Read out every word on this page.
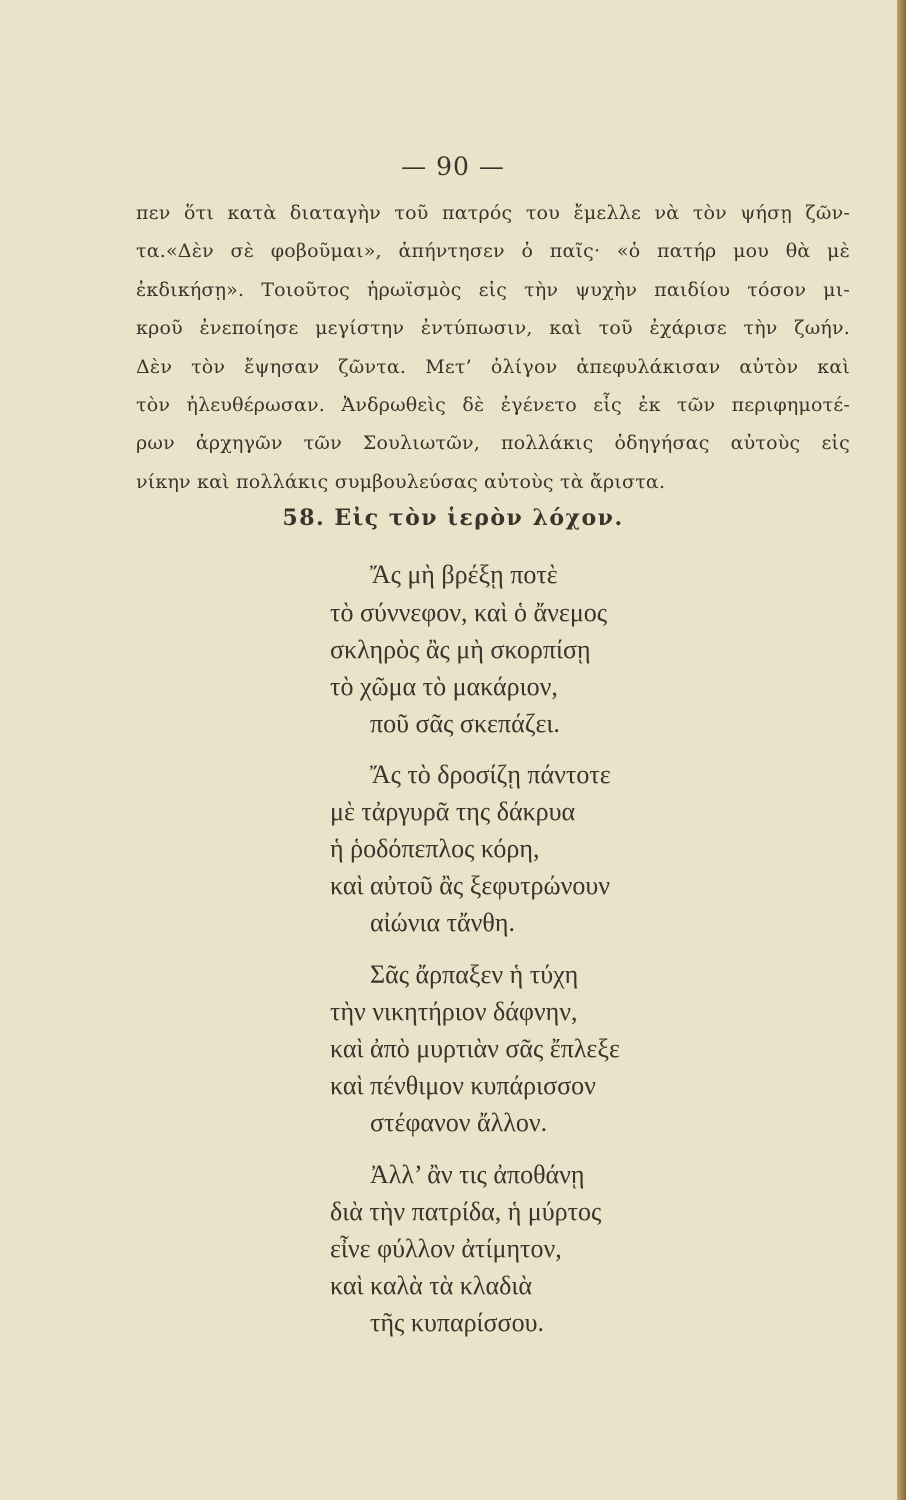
— 90 —
πεν ὅτι κατὰ διαταγὴν τοῦ πατρός του ἔμελλε νὰ τὸν ψήσῃ ζῶν-
τα.«Δὲν σὲ φοβοῦμαι», ἀπήντησεν ὁ παῖς· «ὁ πατήρ μου θὰ μὲ
ἐκδικήσῃ». Τοιοῦτος ἡρωϊσμὸς εἰς τὴν ψυχὴν παιδίου τόσον μι-
κροῦ ἐνεποίησε μεγίστην ἐντύπωσιν, καὶ τοῦ ἐχάρισε τὴν ζωήν.
Δὲν τὸν ἔψησαν ζῶντα. Μετ’ ὀλίγον ἀπεφυλάκισαν αὐτὸν καὶ
τὸν ἠλευθέρωσαν. Ἀνδρωθεὶς δὲ ἐγένετο εἷς ἐκ τῶν περιφημοτέ-
ρων ἀρχηγῶν τῶν Σουλιωτῶν, πολλάκις ὁδηγήσας αὐτοὺς εἰς
νίκην καὶ πολλάκις συμβουλεύσας αὐτοὺς τὰ ἄριστα.
58. Εἰς τὸν ἱερὸν λόχον.
Ἄς μὴ βρέξῃ ποτὲ
τὸ σύννεφον, καὶ ὁ ἄνεμος
σκληρὸς ἂς μὴ σκορπίσῃ
τὸ χῶμα τὸ μακάριον,
ποῦ σᾶς σκεπάζει.
Ἄς τὸ δροσίζῃ πάντοτε
μὲ τἀργυρᾶ της δάκρυα
ἡ ῥοδόπεπλος κόρη,
καὶ αὐτοῦ ἂς ξεφυτρώνουν
αἰώνια τἄνθη.
Σᾶς ἄρπαξεν ἡ τύχη
τὴν νικητήριον δάφνην,
καὶ ἀπὸ μυρτιὰν σᾶς ἔπλεξε
καὶ πένθιμον κυπάρισσον
στέφανον ἄλλον.
Ἀλλ’ ἂν τις ἀποθάνῃ
διὰ τὴν πατρίδα, ἡ μύρτος
εἶνε φύλλον ἀτίμητον,
καὶ καλὰ τὰ κλαδιὰ
τῆς κυπαρίσσου.
